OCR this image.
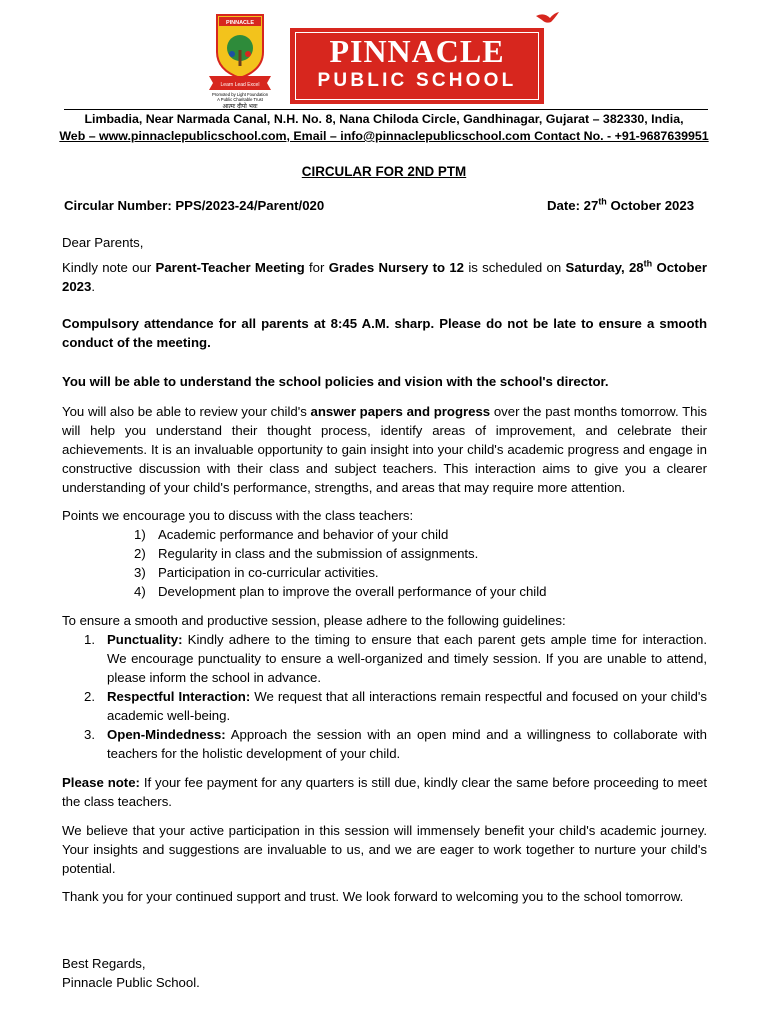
PINNACLE
Learn Lead Excel
Promoted by Light Foundation
A Public Charitable Trust
आत्मः दीपो भवः
PINNACLE
PUBLIC SCHOOL
Limbadia, Near Narmada Canal, N.H. No. 8, Nana Chiloda Circle, Gandhinagar, Gujarat – 382330, India,
Web – www.pinnaclepublicschool.com, Email – info@pinnaclepublicschool.com Contact No. - +91-9687639951
CIRCULAR FOR 2ND PTM
Circular Number: PPS/2023-24/Parent/020	Date: 27th October 2023
Dear Parents,
Kindly note our Parent-Teacher Meeting for Grades Nursery to 12 is scheduled on Saturday, 28th October 2023.
Compulsory attendance for all parents at 8:45 A.M. sharp. Please do not be late to ensure a smooth conduct of the meeting.
You will be able to understand the school policies and vision with the school's director.
You will also be able to review your child's answer papers and progress over the past months tomorrow. This will help you understand their thought process, identify areas of improvement, and celebrate their achievements. It is an invaluable opportunity to gain insight into your child's academic progress and engage in constructive discussion with their class and subject teachers. This interaction aims to give you a clearer understanding of your child's performance, strengths, and areas that may require more attention.
Points we encourage you to discuss with the class teachers:
1) Academic performance and behavior of your child
2) Regularity in class and the submission of assignments.
3) Participation in co-curricular activities.
4) Development plan to improve the overall performance of your child
To ensure a smooth and productive session, please adhere to the following guidelines:
1. Punctuality: Kindly adhere to the timing to ensure that each parent gets ample time for interaction. We encourage punctuality to ensure a well-organized and timely session. If you are unable to attend, please inform the school in advance.
2. Respectful Interaction: We request that all interactions remain respectful and focused on your child's academic well-being.
3. Open-Mindedness: Approach the session with an open mind and a willingness to collaborate with teachers for the holistic development of your child.
Please note: If your fee payment for any quarters is still due, kindly clear the same before proceeding to meet the class teachers.
We believe that your active participation in this session will immensely benefit your child's academic journey. Your insights and suggestions are invaluable to us, and we are eager to work together to nurture your child's potential.
Thank you for your continued support and trust. We look forward to welcoming you to the school tomorrow.
Best Regards,
Pinnacle Public School.
